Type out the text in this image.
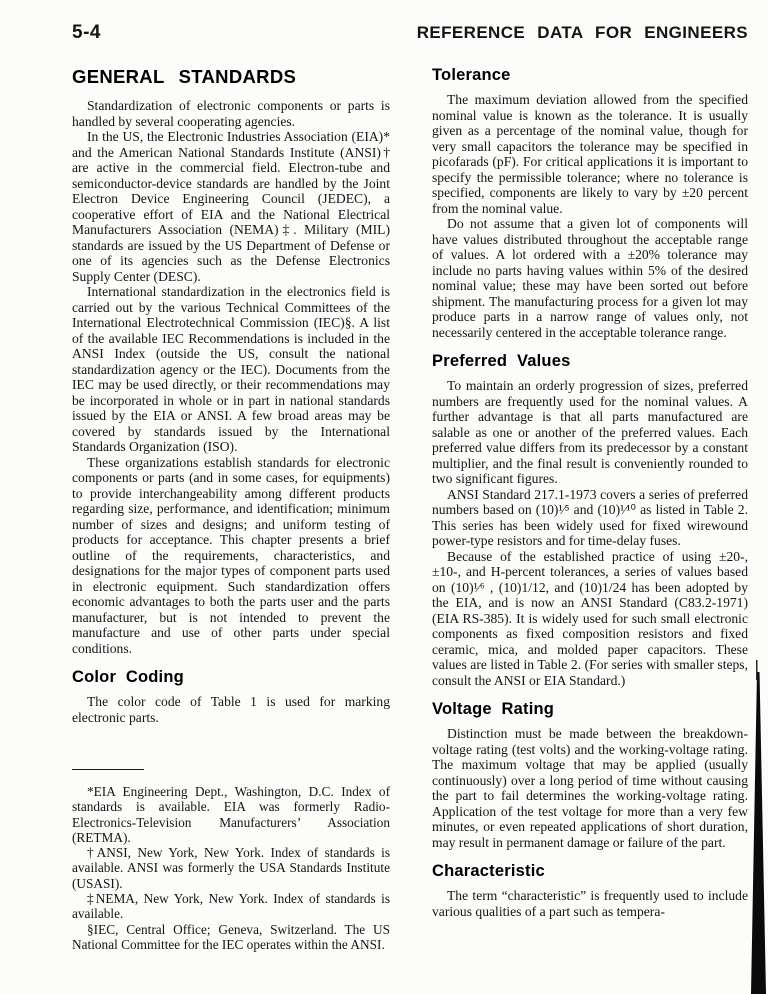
5-4	REFERENCE DATA FOR ENGINEERS
GENERAL STANDARDS

Standardization of electronic components or parts is handled by several cooperating agencies.

In the US, the Electronic Industries Association (EIA)* and the American National Standards Institute (ANSI)† are active in the commercial field. Electron-tube and semiconductor-device standards are handled by the Joint Electron Device Engineering Council (JEDEC), a cooperative effort of EIA and the National Electrical Manufacturers Association (NEMA)‡. Military (MIL) standards are issued by the US Department of Defense or one of its agencies such as the Defense Electronics Supply Center (DESC).

International standardization in the electronics field is carried out by the various Technical Committees of the International Electrotechnical Commission (IEC)§. A list of the available IEC Recommendations is included in the ANSI Index (outside the US, consult the national standardization agency or the IEC). Documents from the IEC may be used directly, or their recommendations may be incorporated in whole or in part in national standards issued by the EIA or ANSI. A few broad areas may be covered by standards issued by the International Standards Organization (ISO).

These organizations establish standards for electronic components or parts (and in some cases, for equipments) to provide interchangeability among different products regarding size, performance, and identification; minimum number of sizes and designs; and uniform testing of products for acceptance. This chapter presents a brief outline of the requirements, characteristics, and designations for the major types of component parts used in electronic equipment. Such standardization offers economic advantages to both the parts user and the parts manufacturer, but is not intended to prevent the manufacture and use of other parts under special conditions.

Color Coding

The color code of Table 1 is used for marking electronic parts.

*EIA Engineering Dept., Washington, D.C. Index of standards is available. EIA was formerly Radio-Electronics-Television Manufacturers’ Association (RETMA).

†ANSI, New York, New York. Index of standards is available. ANSI was formerly the USA Standards Institute (USASI).

‡NEMA, New York, New York. Index of standards is available.

§IEC, Central Office; Geneva, Switzerland. The US National Committee for the IEC operates within the ANSI.

Tolerance

The maximum deviation allowed from the specified nominal value is known as the tolerance. It is usually given as a percentage of the nominal value, though for very small capacitors the tolerance may be specified in picofarads (pF). For critical applications it is important to specify the permissible tolerance; where no tolerance is specified, components are likely to vary by ±20 percent from the nominal value.

Do not assume that a given lot of components will have values distributed throughout the acceptable range of values. A lot ordered with a ±20% tolerance may include no parts having values within 5% of the desired nominal value; these may have been sorted out before shipment. The manufacturing process for a given lot may produce parts in a narrow range of values only, not necessarily centered in the acceptable tolerance range.

Preferred Values

To maintain an orderly progression of sizes, preferred numbers are frequently used for the nominal values. A further advantage is that all parts manufactured are salable as one or another of the preferred values. Each preferred value differs from its predecessor by a constant multiplier, and the final result is conveniently rounded to two significant figures.

ANSI Standard 217.1-1973 covers a series of preferred numbers based on (10)¹⁄⁵ and (10)¹⁄¹⁰ as listed in Table 2. This series has been widely used for fixed wirewound power-type resistors and for time-delay fuses.

Because of the established practice of using ±20-, ±10-, and H-percent tolerances, a series of values based on (10)¹⁄⁶ , (10)1/12, and (10)1/24 has been adopted by the EIA, and is now an ANSI Standard (C83.2-1971) (EIA RS-385). It is widely used for such small electronic components as fixed composition resistors and fixed ceramic, mica, and molded paper capacitors. These values are listed in Table 2. (For series with smaller steps, consult the ANSI or EIA Standard.)

Voltage Rating

Distinction must be made between the breakdown-voltage rating (test volts) and the working-voltage rating. The maximum voltage that may be applied (usually continuously) over a long period of time without causing the part to fail determines the working-voltage rating. Application of the test voltage for more than a very few minutes, or even repeated applications of short duration, may result in permanent damage or failure of the part.

Characteristic

The term “characteristic” is frequently used to include various qualities of a part such as tempera-
